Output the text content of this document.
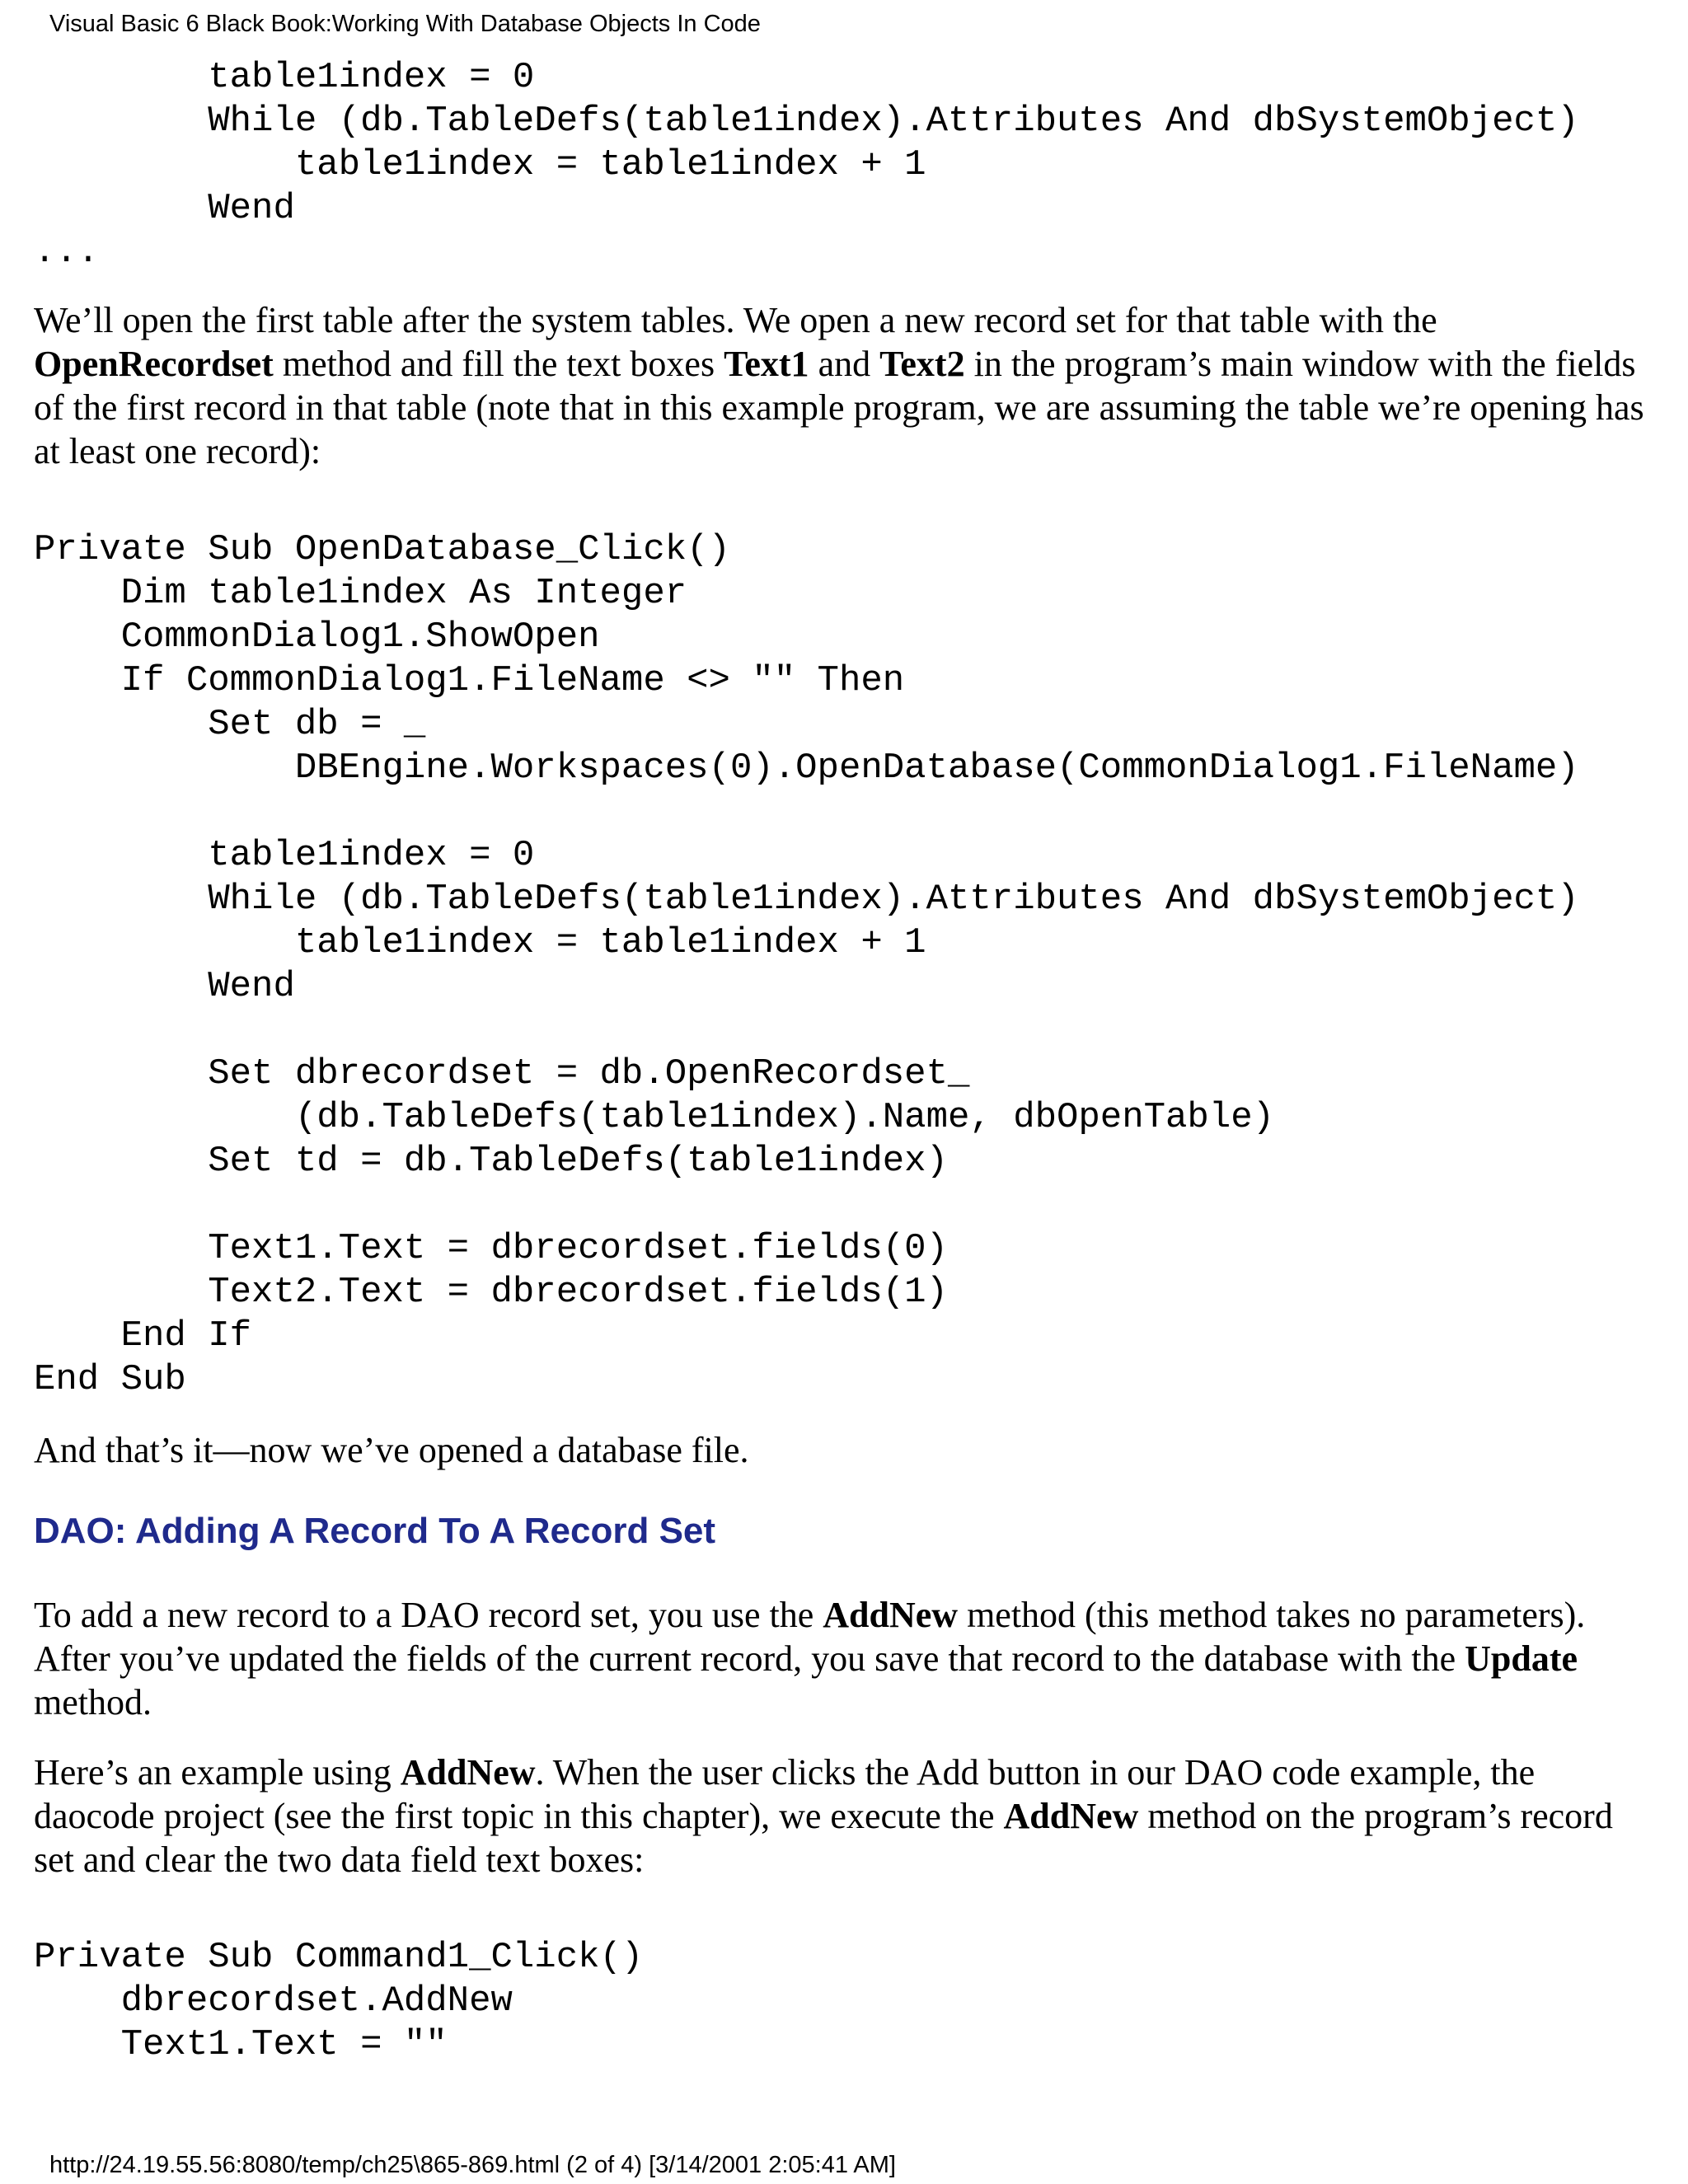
Visual Basic 6 Black Book:Working With Database Objects In Code
table1index = 0
While (db.TableDefs(table1index).Attributes And dbSystemObject)
table1index = table1index + 1
Wend
...

We’ll open the first table after the system tables. We open a new record set for that table with the OpenRecordset method and fill the text boxes Text1 and Text2 in the program’s main window with the fields of the first record in that table (note that in this example program, we are assuming the table we’re opening has at least one record):

Private Sub OpenDatabase_Click()
Dim table1index As Integer
CommonDialog1.ShowOpen
If CommonDialog1.FileName <> "" Then
Set db = _
DBEngine.Workspaces(0).OpenDatabase(CommonDialog1.FileName)

table1index = 0
While (db.TableDefs(table1index).Attributes And dbSystemObject)
table1index = table1index + 1
Wend

Set dbrecordset = db.OpenRecordset_
(db.TableDefs(table1index).Name, dbOpenTable)
Set td = db.TableDefs(table1index)

Text1.Text = dbrecordset.fields(0)
Text2.Text = dbrecordset.fields(1)
End If
End Sub

And that’s it—now we’ve opened a database file.

DAO: Adding A Record To A Record Set

To add a new record to a DAO record set, you use the AddNew method (this method takes no parameters). After you’ve updated the fields of the current record, you save that record to the database with the Update method.

Here’s an example using AddNew. When the user clicks the Add button in our DAO code example, the daocode project (see the first topic in this chapter), we execute the AddNew method on the program’s record set and clear the two data field text boxes:

Private Sub Command1_Click()
dbrecordset.AddNew
Text1.Text = ""
http://24.19.55.56:8080/temp/ch25\865-869.html (2 of 4) [3/14/2001 2:05:41 AM]
